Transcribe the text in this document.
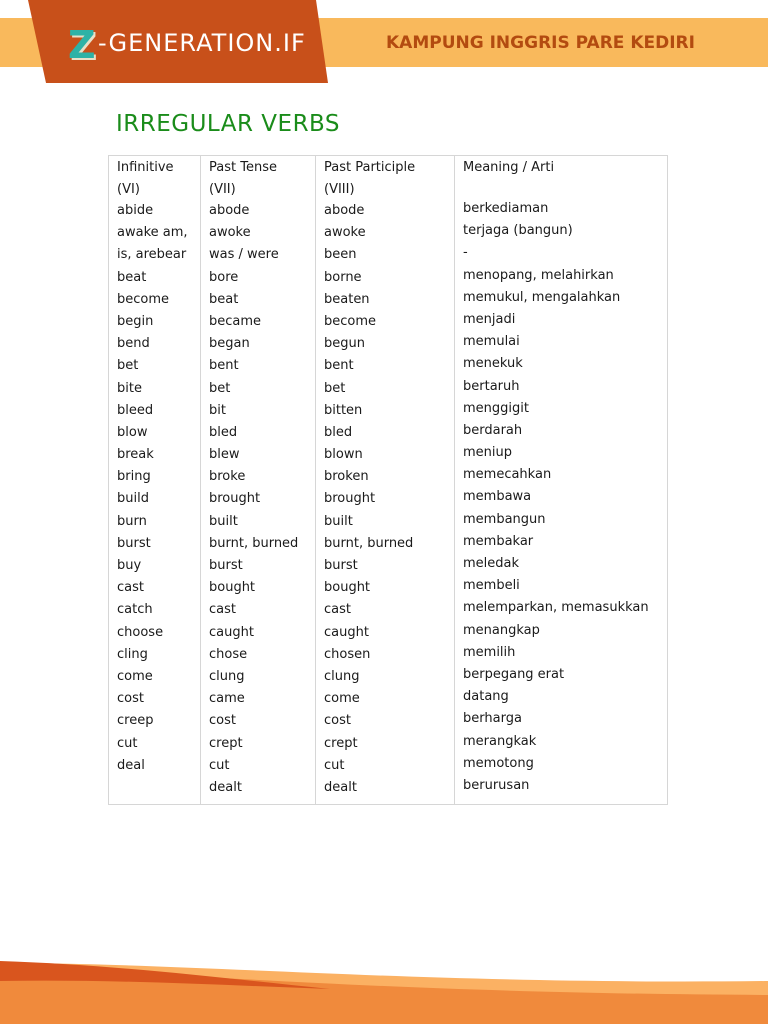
Z -GENERATION.IF	KAMPUNG INGGRIS PARE KEDIRI
IRREGULAR VERBS
Infinitive
(VI)
abide
awake am,
is, arebear
beat
become
begin
bend
bet
bite
bleed
blow
break
bring
build
burn
burst
buy
cast
catch
choose
cling
come
cost
creep
cut
deal
Past Tense
(VII)
abode
awoke
was / were
bore
beat
became
began
bent
bet
bit
bled
blew
broke
brought
built
burnt, burned
burst
bought
cast
caught
chose
clung
came
cost
crept
cut
dealt
Past Participle
(VIII)
abode
awoke
been
borne
beaten
become
begun
bent
bet
bitten
bled
blown
broken
brought
built
burnt, burned
burst
bought
cast
caught
chosen
clung
come
cost
crept
cut
dealt
Meaning / Arti
berkediaman
terjaga (bangun)
-
menopang, melahirkan
memukul, mengalahkan
menjadi
memulai
menekuk
bertaruh
menggigit
berdarah
meniup
memecahkan
membawa
membangun
membakar
meledak
membeli
melemparkan, memasukkan
menangkap
memilih
berpegang erat
datang
berharga
merangkak
memotong
berurusan
